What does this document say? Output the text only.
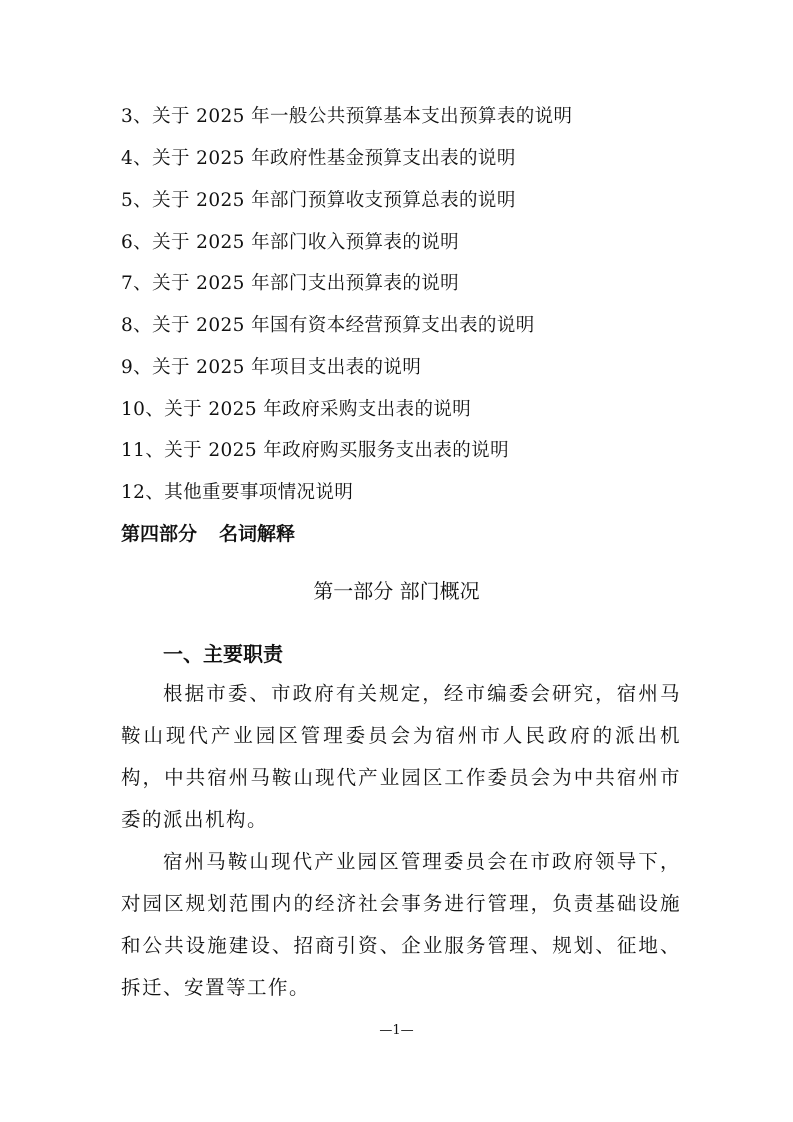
3、关于 2025 年一般公共预算基本支出预算表的说明
4、关于 2025 年政府性基金预算支出表的说明
5、关于 2025 年部门预算收支预算总表的说明
6、关于 2025 年部门收入预算表的说明
7、关于 2025 年部门支出预算表的说明
8、关于 2025 年国有资本经营预算支出表的说明
9、关于 2025 年项目支出表的说明
10、关于 2025 年政府采购支出表的说明
11、关于 2025 年政府购买服务支出表的说明
12、其他重要事项情况说明
第四部分 名词解释
第一部分 部门概况
一、主要职责

根据市委、市政府有关规定，经市编委会研究，宿州马鞍山现代产业园区管理委员会为宿州市人民政府的派出机构，中共宿州马鞍山现代产业园区工作委员会为中共宿州市委的派出机构。

宿州马鞍山现代产业园区管理委员会在市政府领导下，对园区规划范围内的经济社会事务进行管理，负责基础设施和公共设施建设、招商引资、企业服务管理、规划、征地、拆迁、安置等工作。

—1—
